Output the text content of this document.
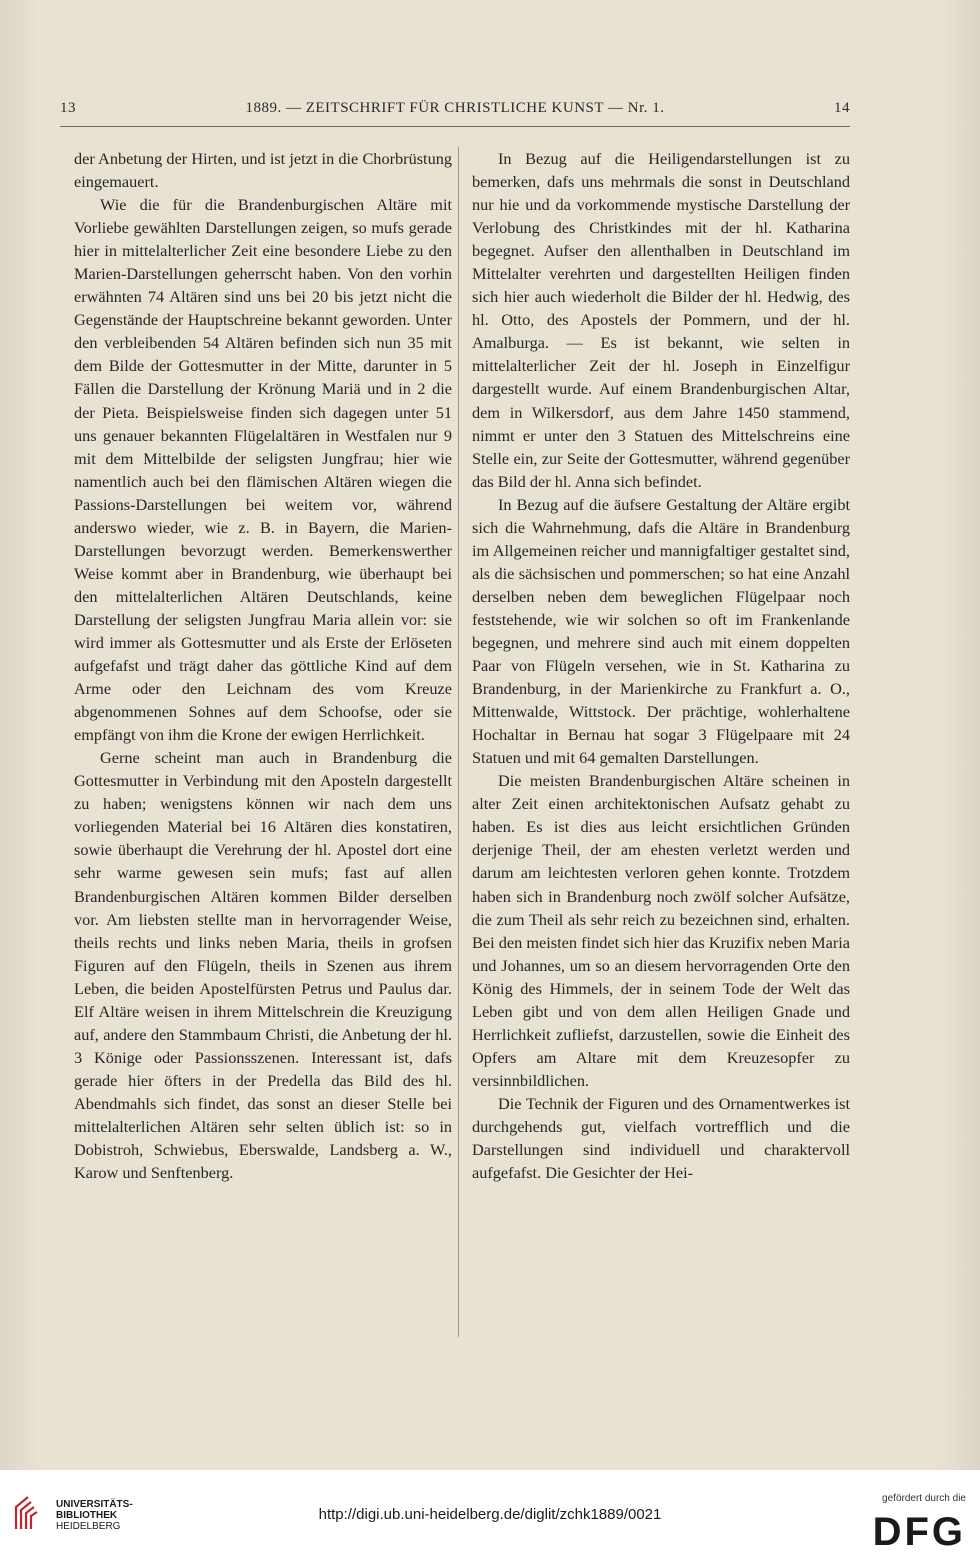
13	1889. — ZEITSCHRIFT FÜR CHRISTLICHE KUNST — Nr. 1.	14

der Anbetung der Hirten, und ist jetzt in die Chorbrüstung eingemauert.

Wie die für die Brandenburgischen Altäre mit Vorliebe gewählten Darstellungen zeigen, so mufs gerade hier in mittelalterlicher Zeit eine besondere Liebe zu den Marien-Darstellungen geherrscht haben. Von den vorhin erwähnten 74 Altären sind uns bei 20 bis jetzt nicht die Gegenstände der Hauptschreine bekannt geworden. Unter den verbleibenden 54 Altären befinden sich nun 35 mit dem Bilde der Gottesmutter in der Mitte, darunter in 5 Fällen die Darstellung der Krönung Mariä und in 2 die der Pieta. Beispielsweise finden sich dagegen unter 51 uns genauer bekannten Flügelaltären in Westfalen nur 9 mit dem Mittelbilde der seligsten Jungfrau; hier wie namentlich auch bei den flämischen Altären wiegen die Passions-Darstellungen bei weitem vor, während anderswo wieder, wie z. B. in Bayern, die Marien-Darstellungen bevorzugt werden. Bemerkenswerther Weise kommt aber in Brandenburg, wie überhaupt bei den mittelalterlichen Altären Deutschlands, keine Darstellung der seligsten Jungfrau Maria allein vor: sie wird immer als Gottesmutter und als Erste der Erlöseten aufgefafst und trägt daher das göttliche Kind auf dem Arme oder den Leichnam des vom Kreuze abgenommenen Sohnes auf dem Schoofse, oder sie empfängt von ihm die Krone der ewigen Herrlichkeit.

Gerne scheint man auch in Brandenburg die Gottesmutter in Verbindung mit den Aposteln dargestellt zu haben; wenigstens können wir nach dem uns vorliegenden Material bei 16 Altären dies konstatiren, sowie überhaupt die Verehrung der hl. Apostel dort eine sehr warme gewesen sein mufs; fast auf allen Brandenburgischen Altären kommen Bilder derselben vor. Am liebsten stellte man in hervorragender Weise, theils rechts und links neben Maria, theils in grofsen Figuren auf den Flügeln, theils in Szenen aus ihrem Leben, die beiden Apostelfürsten Petrus und Paulus dar. Elf Altäre weisen in ihrem Mittelschrein die Kreuzigung auf, andere den Stammbaum Christi, die Anbetung der hl. 3 Könige oder Passionsszenen. Interessant ist, dafs gerade hier öfters in der Predella das Bild des hl. Abendmahls sich findet, das sonst an dieser Stelle bei mittelalterlichen Altären sehr selten üblich ist: so in Dobistroh, Schwiebus, Eberswalde, Landsberg a. W., Karow und Senftenberg.

In Bezug auf die Heiligendarstellungen ist zu bemerken, dafs uns mehrmals die sonst in Deutschland nur hie und da vorkommende mystische Darstellung der Verlobung des Christkindes mit der hl. Katharina begegnet. Aufser den allenthalben in Deutschland im Mittelalter verehrten und dargestellten Heiligen finden sich hier auch wiederholt die Bilder der hl. Hedwig, des hl. Otto, des Apostels der Pommern, und der hl. Amalburga. — Es ist bekannt, wie selten in mittelalterlicher Zeit der hl. Joseph in Einzelfigur dargestellt wurde. Auf einem Brandenburgischen Altar, dem in Wilkersdorf, aus dem Jahre 1450 stammend, nimmt er unter den 3 Statuen des Mittelschreins eine Stelle ein, zur Seite der Gottesmutter, während gegenüber das Bild der hl. Anna sich befindet.

In Bezug auf die äufsere Gestaltung der Altäre ergibt sich die Wahrnehmung, dafs die Altäre in Brandenburg im Allgemeinen reicher und mannigfaltiger gestaltet sind, als die sächsischen und pommerschen; so hat eine Anzahl derselben neben dem beweglichen Flügelpaar noch feststehende, wie wir solchen so oft im Frankenlande begegnen, und mehrere sind auch mit einem doppelten Paar von Flügeln versehen, wie in St. Katharina zu Brandenburg, in der Marienkirche zu Frankfurt a. O., Mittenwalde, Wittstock. Der prächtige, wohlerhaltene Hochaltar in Bernau hat sogar 3 Flügelpaare mit 24 Statuen und mit 64 gemalten Darstellungen.

Die meisten Brandenburgischen Altäre scheinen in alter Zeit einen architektonischen Aufsatz gehabt zu haben. Es ist dies aus leicht ersichtlichen Gründen derjenige Theil, der am ehesten verletzt werden und darum am leichtesten verloren gehen konnte. Trotzdem haben sich in Brandenburg noch zwölf solcher Aufsätze, die zum Theil als sehr reich zu bezeichnen sind, erhalten. Bei den meisten findet sich hier das Kruzifix neben Maria und Johannes, um so an diesem hervorragenden Orte den König des Himmels, der in seinem Tode der Welt das Leben gibt und von dem allen Heiligen Gnade und Herrlichkeit zufliefst, darzustellen, sowie die Einheit des Opfers am Altare mit dem Kreuzesopfer zu versinnbildlichen.

Die Technik der Figuren und des Ornamentwerkes ist durchgehends gut, vielfach vortrefflich und die Darstellungen sind individuell und charaktervoll aufgefafst. Die Gesichter der Hei-

UNIVERSITÄTS-
BIBLIOTHEK
HEIDELBERG
http://digi.ub.uni-heidelberg.de/diglit/zchk1889/0021
gefördert durch die
DFG
